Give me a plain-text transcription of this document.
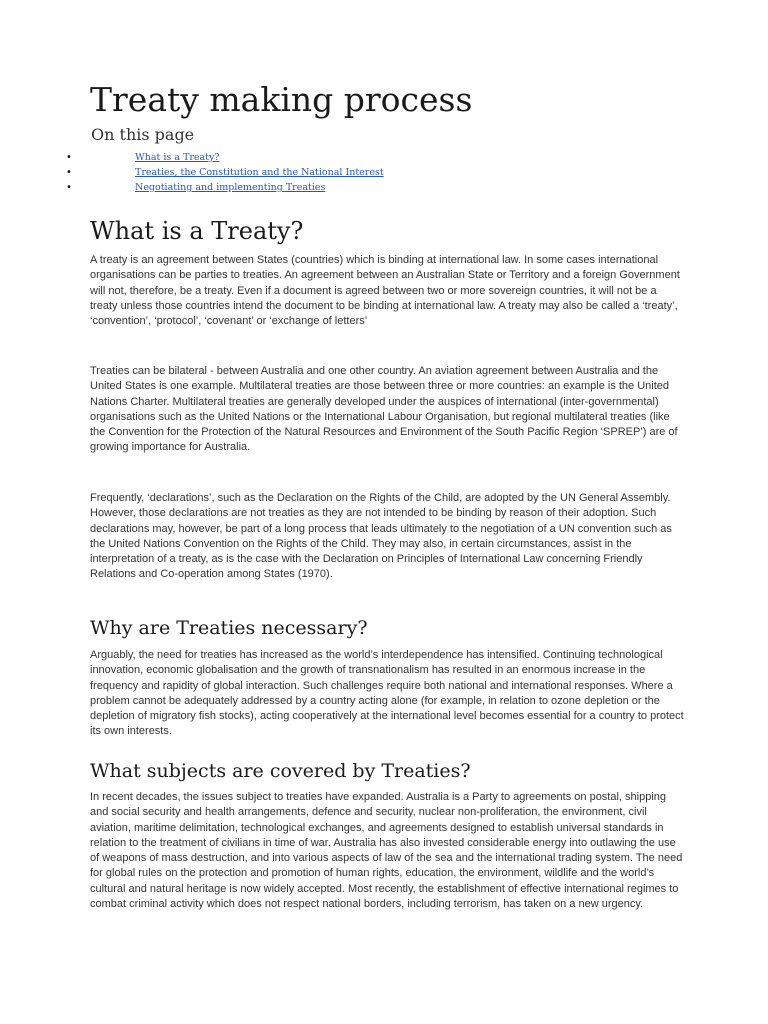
Treaty making process
On this page
•	What is a Treaty?
•	Treaties, the Constitution and the National Interest
•	Negotiating and implementing Treaties
What is a Treaty?

A treaty is an agreement between States (countries) which is binding at international law. In some cases international organisations can be parties to treaties. An agreement between an Australian State or Territory and a foreign Government will not, therefore, be a treaty. Even if a document is agreed between two or more sovereign countries, it will not be a treaty unless those countries intend the document to be binding at international law. A treaty may also be called a ‘treaty’, ‘convention’, ‘protocol’, ‘covenant’ or ‘exchange of letters’

Treaties can be bilateral - between Australia and one other country. An aviation agreement between Australia and the United States is one example. Multilateral treaties are those between three or more countries: an example is the United Nations Charter. Multilateral treaties are generally developed under the auspices of international (inter-governmental) organisations such as the United Nations or the International Labour Organisation, but regional multilateral treaties (like the Convention for the Protection of the Natural Resources and Environment of the South Pacific Region ‘SPREP’) are of growing importance for Australia.

Frequently, ‘declarations’, such as the Declaration on the Rights of the Child, are adopted by the UN General Assembly. However, those declarations are not treaties as they are not intended to be binding by reason of their adoption. Such declarations may, however, be part of a long process that leads ultimately to the negotiation of a UN convention such as the United Nations Convention on the Rights of the Child. They may also, in certain circumstances, assist in the interpretation of a treaty, as is the case with the Declaration on Principles of International Law concerning Friendly Relations and Co-operation among States (1970).

Why are Treaties necessary?

Arguably, the need for treaties has increased as the world’s interdependence has intensified. Continuing technological innovation, economic globalisation and the growth of transnationalism has resulted in an enormous increase in the frequency and rapidity of global interaction. Such challenges require both national and international responses. Where a problem cannot be adequately addressed by a country acting alone (for example, in relation to ozone depletion or the depletion of migratory fish stocks), acting cooperatively at the international level becomes essential for a country to protect its own interests.

What subjects are covered by Treaties?

In recent decades, the issues subject to treaties have expanded. Australia is a Party to agreements on postal, shipping and social security and health arrangements, defence and security, nuclear non-proliferation, the environment, civil aviation, maritime delimitation, technological exchanges, and agreements designed to establish universal standards in relation to the treatment of civilians in time of war. Australia has also invested considerable energy into outlawing the use of weapons of mass destruction, and into various aspects of law of the sea and the international trading system. The need for global rules on the protection and promotion of human rights, education, the environment, wildlife and the world’s cultural and natural heritage is now widely accepted. Most recently, the establishment of effective international regimes to combat criminal activity which does not respect national borders, including terrorism, has taken on a new urgency.
